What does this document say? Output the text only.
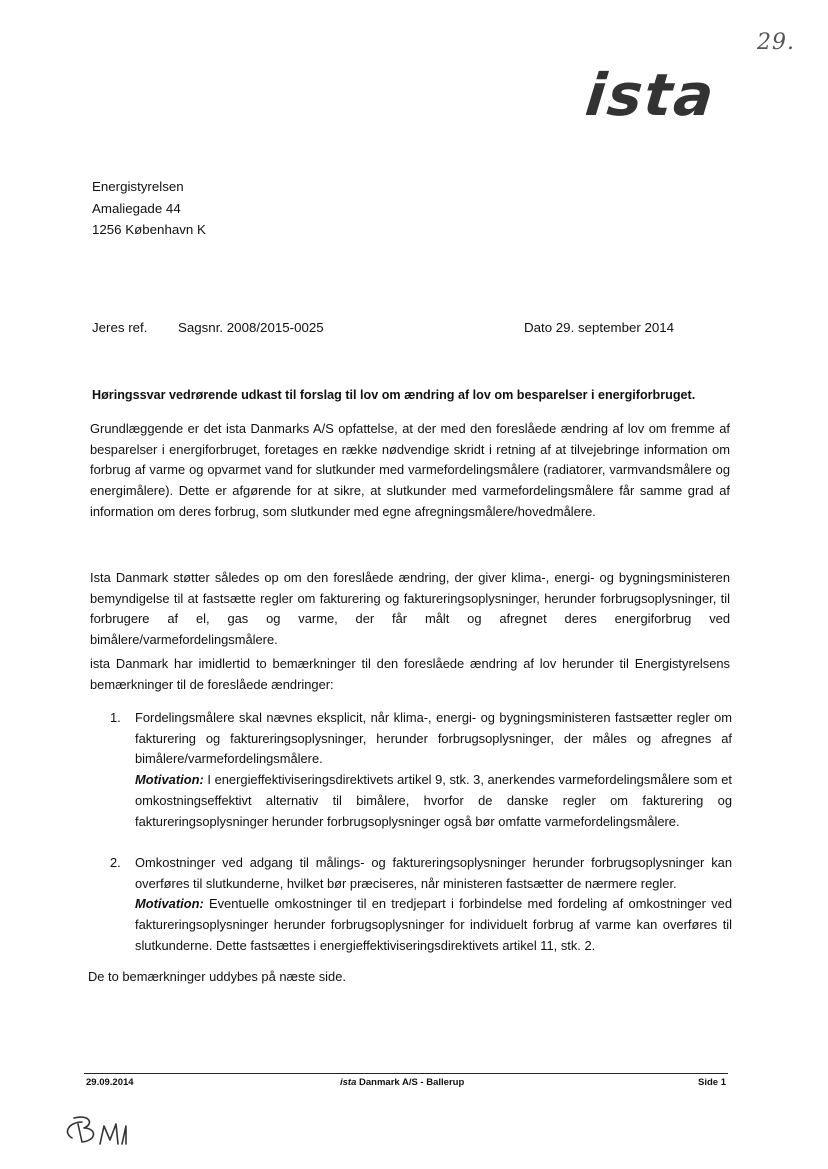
29.
ista
Energistyrelsen
Amaliegade 44
1256 København K
Jeres ref. Sagsnr. 2008/2015-0025	Dato 29. september 2014
Høringssvar vedrørende udkast til forslag til lov om ændring af lov om besparelser i energiforbruget.

Grundlæggende er det ista Danmarks A/S opfattelse, at der med den foreslåede ændring af lov om fremme af besparelser i energiforbruget, foretages en række nødvendige skridt i retning af at tilvejebringe information om forbrug af varme og opvarmet vand for slutkunder med varmefordelingsmålere (radiatorer, varmvandsmålere og energimålere). Dette er afgørende for at sikre, at slutkunder med varmefordelingsmålere får samme grad af information om deres forbrug, som slutkunder med egne afregningsmålere/hovedmålere.

Ista Danmark støtter således op om den foreslåede ændring, der giver klima-, energi- og bygningsministeren bemyndigelse til at fastsætte regler om fakturering og faktureringsoplysninger, herunder forbrugsoplysninger, til forbrugere af el, gas og varme, der får målt og afregnet deres energiforbrug ved bimålere/varmefordelingsmålere.

ista Danmark har imidlertid to bemærkninger til den foreslåede ændring af lov herunder til Energistyrelsens bemærkninger til de foreslåede ændringer:

1. Fordelingsmålere skal nævnes eksplicit, når klima-, energi- og bygningsministeren fastsætter regler om fakturering og faktureringsoplysninger, herunder forbrugsoplysninger, der måles og afregnes af bimålere/varmefordelingsmålere.
Motivation: I energieffektiviseringsdirektivets artikel 9, stk. 3, anerkendes varmefordelingsmålere som et omkostningseffektivt alternativ til bimålere, hvorfor de danske regler om fakturering og faktureringsoplysninger herunder forbrugsoplysninger også bør omfatte varmefordelingsmålere.
2. Omkostninger ved adgang til målings- og faktureringsoplysninger herunder forbrugsoplysninger kan overføres til slutkunderne, hvilket bør præciseres, når ministeren fastsætter de nærmere regler.
Motivation: Eventuelle omkostninger til en tredjepart i forbindelse med fordeling af omkostninger ved faktureringsoplysninger herunder forbrugsoplysninger for individuelt forbrug af varme kan overføres til slutkunderne. Dette fastsættes i energieffektiviseringsdirektivets artikel 11, stk. 2.
De to bemærkninger uddybes på næste side.
29.09.2014	ista Danmark A/S - Ballerup	Side 1
